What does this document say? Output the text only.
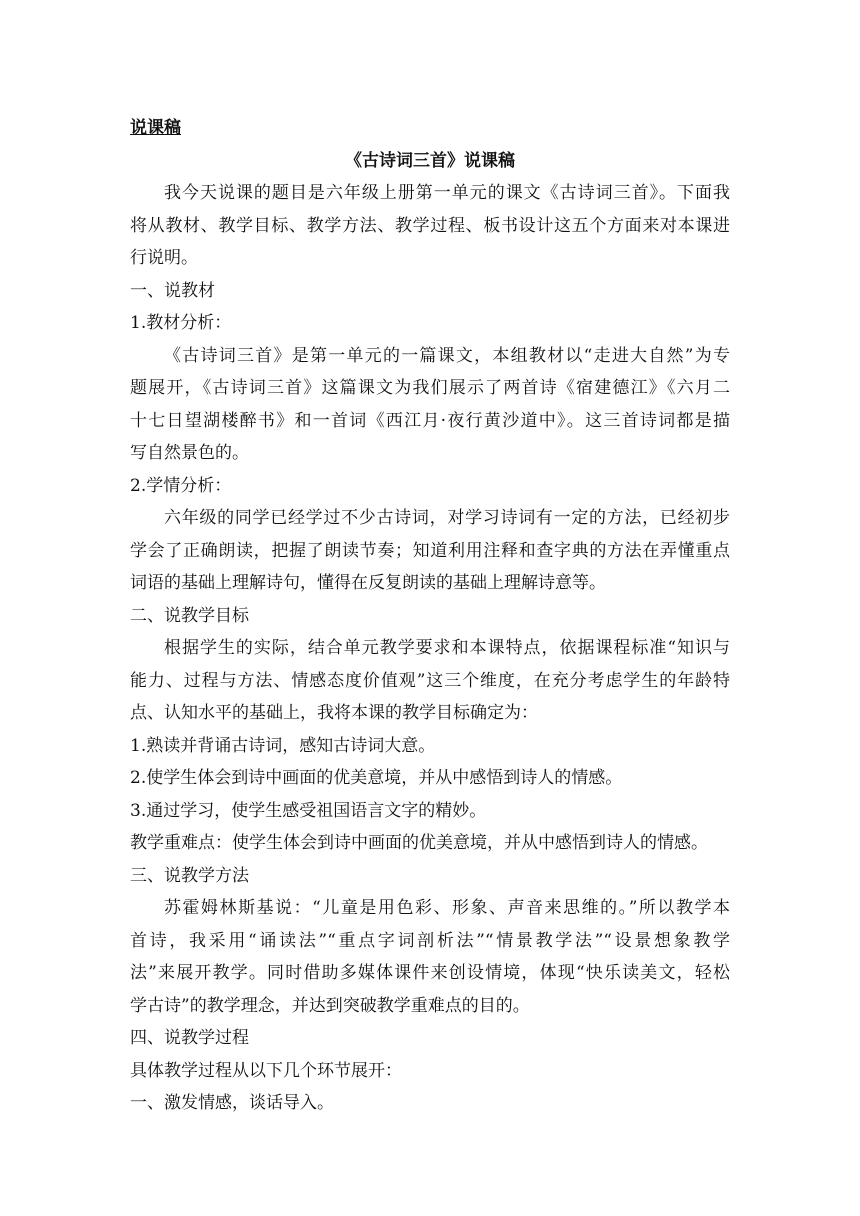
说课稿
《古诗词三首》说课稿
我今天说课的题目是六年级上册第一单元的课文《古诗词三首》。下面我
将从教材、教学目标、教学方法、教学过程、板书设计这五个方面来对本课进
行说明。
一、说教材
1.教材分析：
《古诗词三首》是第一单元的一篇课文，本组教材以“走进大自然”为专
题展开，《古诗词三首》这篇课文为我们展示了两首诗《宿建德江》《六月二
十七日望湖楼醉书》和一首词《西江月·夜行黄沙道中》。这三首诗词都是描
写自然景色的。
2.学情分析：
六年级的同学已经学过不少古诗词，对学习诗词有一定的方法，已经初步
学会了正确朗读，把握了朗读节奏；知道利用注释和查字典的方法在弄懂重点
词语的基础上理解诗句，懂得在反复朗读的基础上理解诗意等。
二、说教学目标
根据学生的实际，结合单元教学要求和本课特点，依据课程标准“知识与
能力、过程与方法、情感态度价值观”这三个维度，在充分考虑学生的年龄特
点、认知水平的基础上，我将本课的教学目标确定为：
1.熟读并背诵古诗词，感知古诗词大意。
2.使学生体会到诗中画面的优美意境，并从中感悟到诗人的情感。
3.通过学习，使学生感受祖国语言文字的精妙。
教学重难点：使学生体会到诗中画面的优美意境，并从中感悟到诗人的情感。
三、说教学方法
苏霍姆林斯基说：“儿童是用色彩、形象、声音来思维的。”所以教学本
首诗，我采用“诵读法”“重点字词剖析法”“情景教学法”“设景想象教学
法”来展开教学。同时借助多媒体课件来创设情境，体现“快乐读美文，轻松
学古诗”的教学理念，并达到突破教学重难点的目的。
四、说教学过程
具体教学过程从以下几个环节展开：
一、激发情感，谈话导入。
